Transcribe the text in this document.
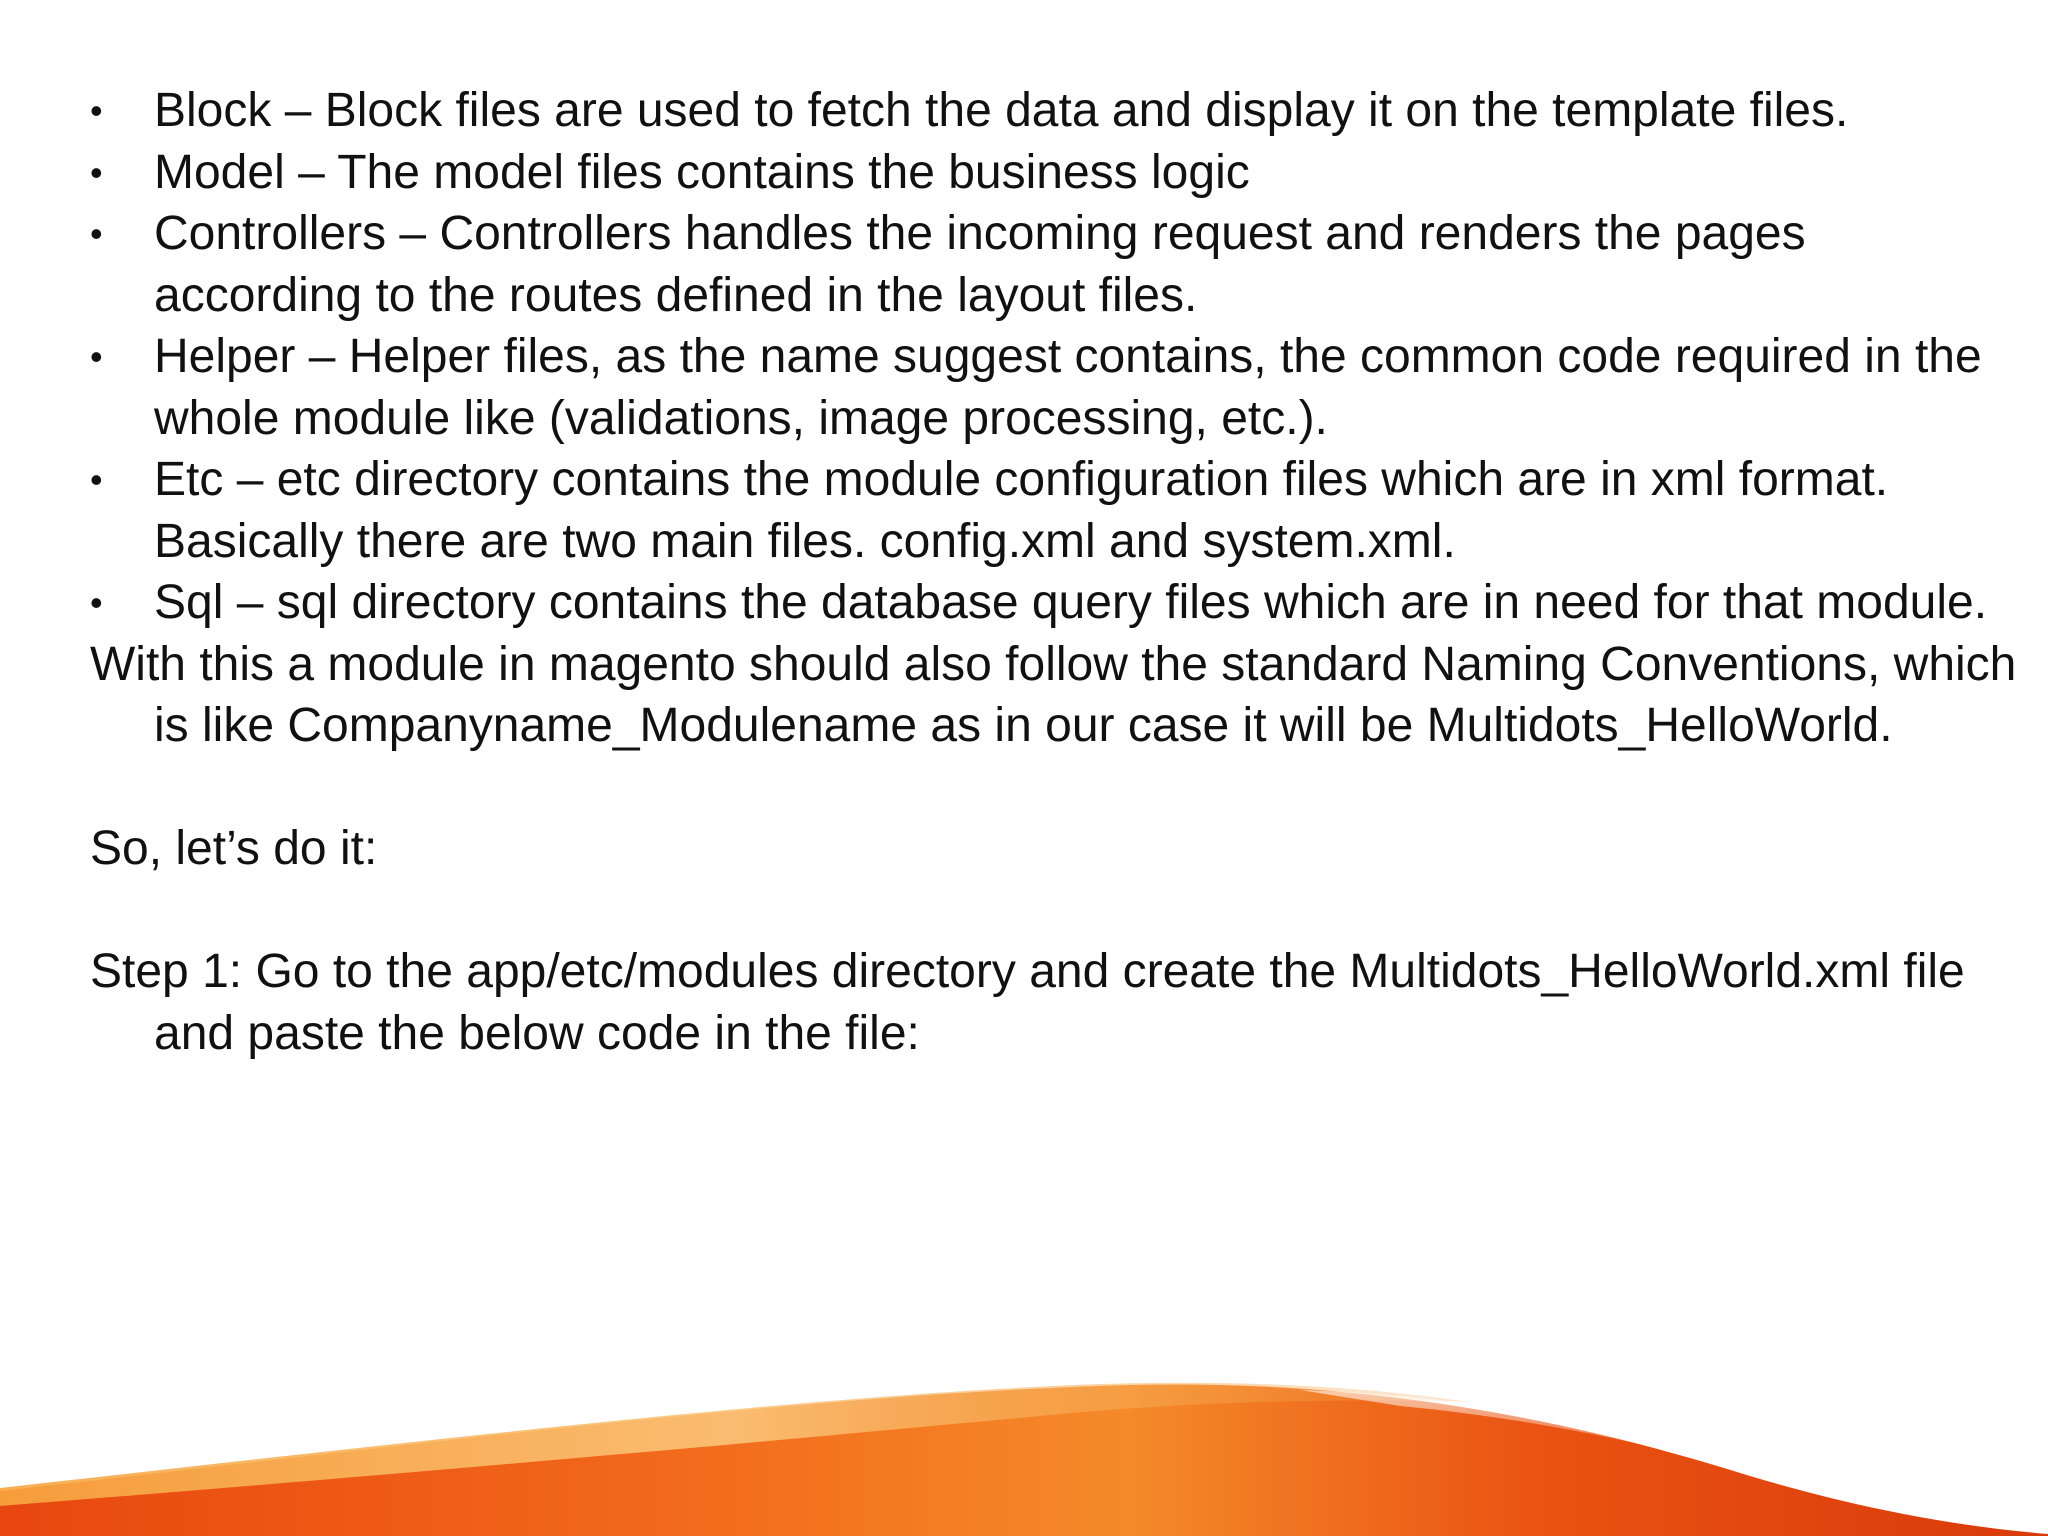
•	Block – Block files are used to fetch the data and display it on the template files.
•	Model – The model files contains the business logic
•	Controllers – Controllers handles the incoming request and renders the pages according to the routes defined in the layout files.
•	Helper – Helper files, as the name suggest contains, the common code required in the whole module like (validations, image processing, etc.).
•	Etc – etc directory contains the module configuration files which are in xml format. Basically there are two main files. config.xml and system.xml.
•	Sql – sql directory contains the database query files which are in need for that module.

With this a module in magento should also follow the standard Naming Conventions, which is like Companyname_Modulename as in our case it will be Multidots_HelloWorld.

So, let’s do it:

Step 1: Go to the app/etc/modules directory and create the Multidots_HelloWorld.xml file and paste the below code in the file:
